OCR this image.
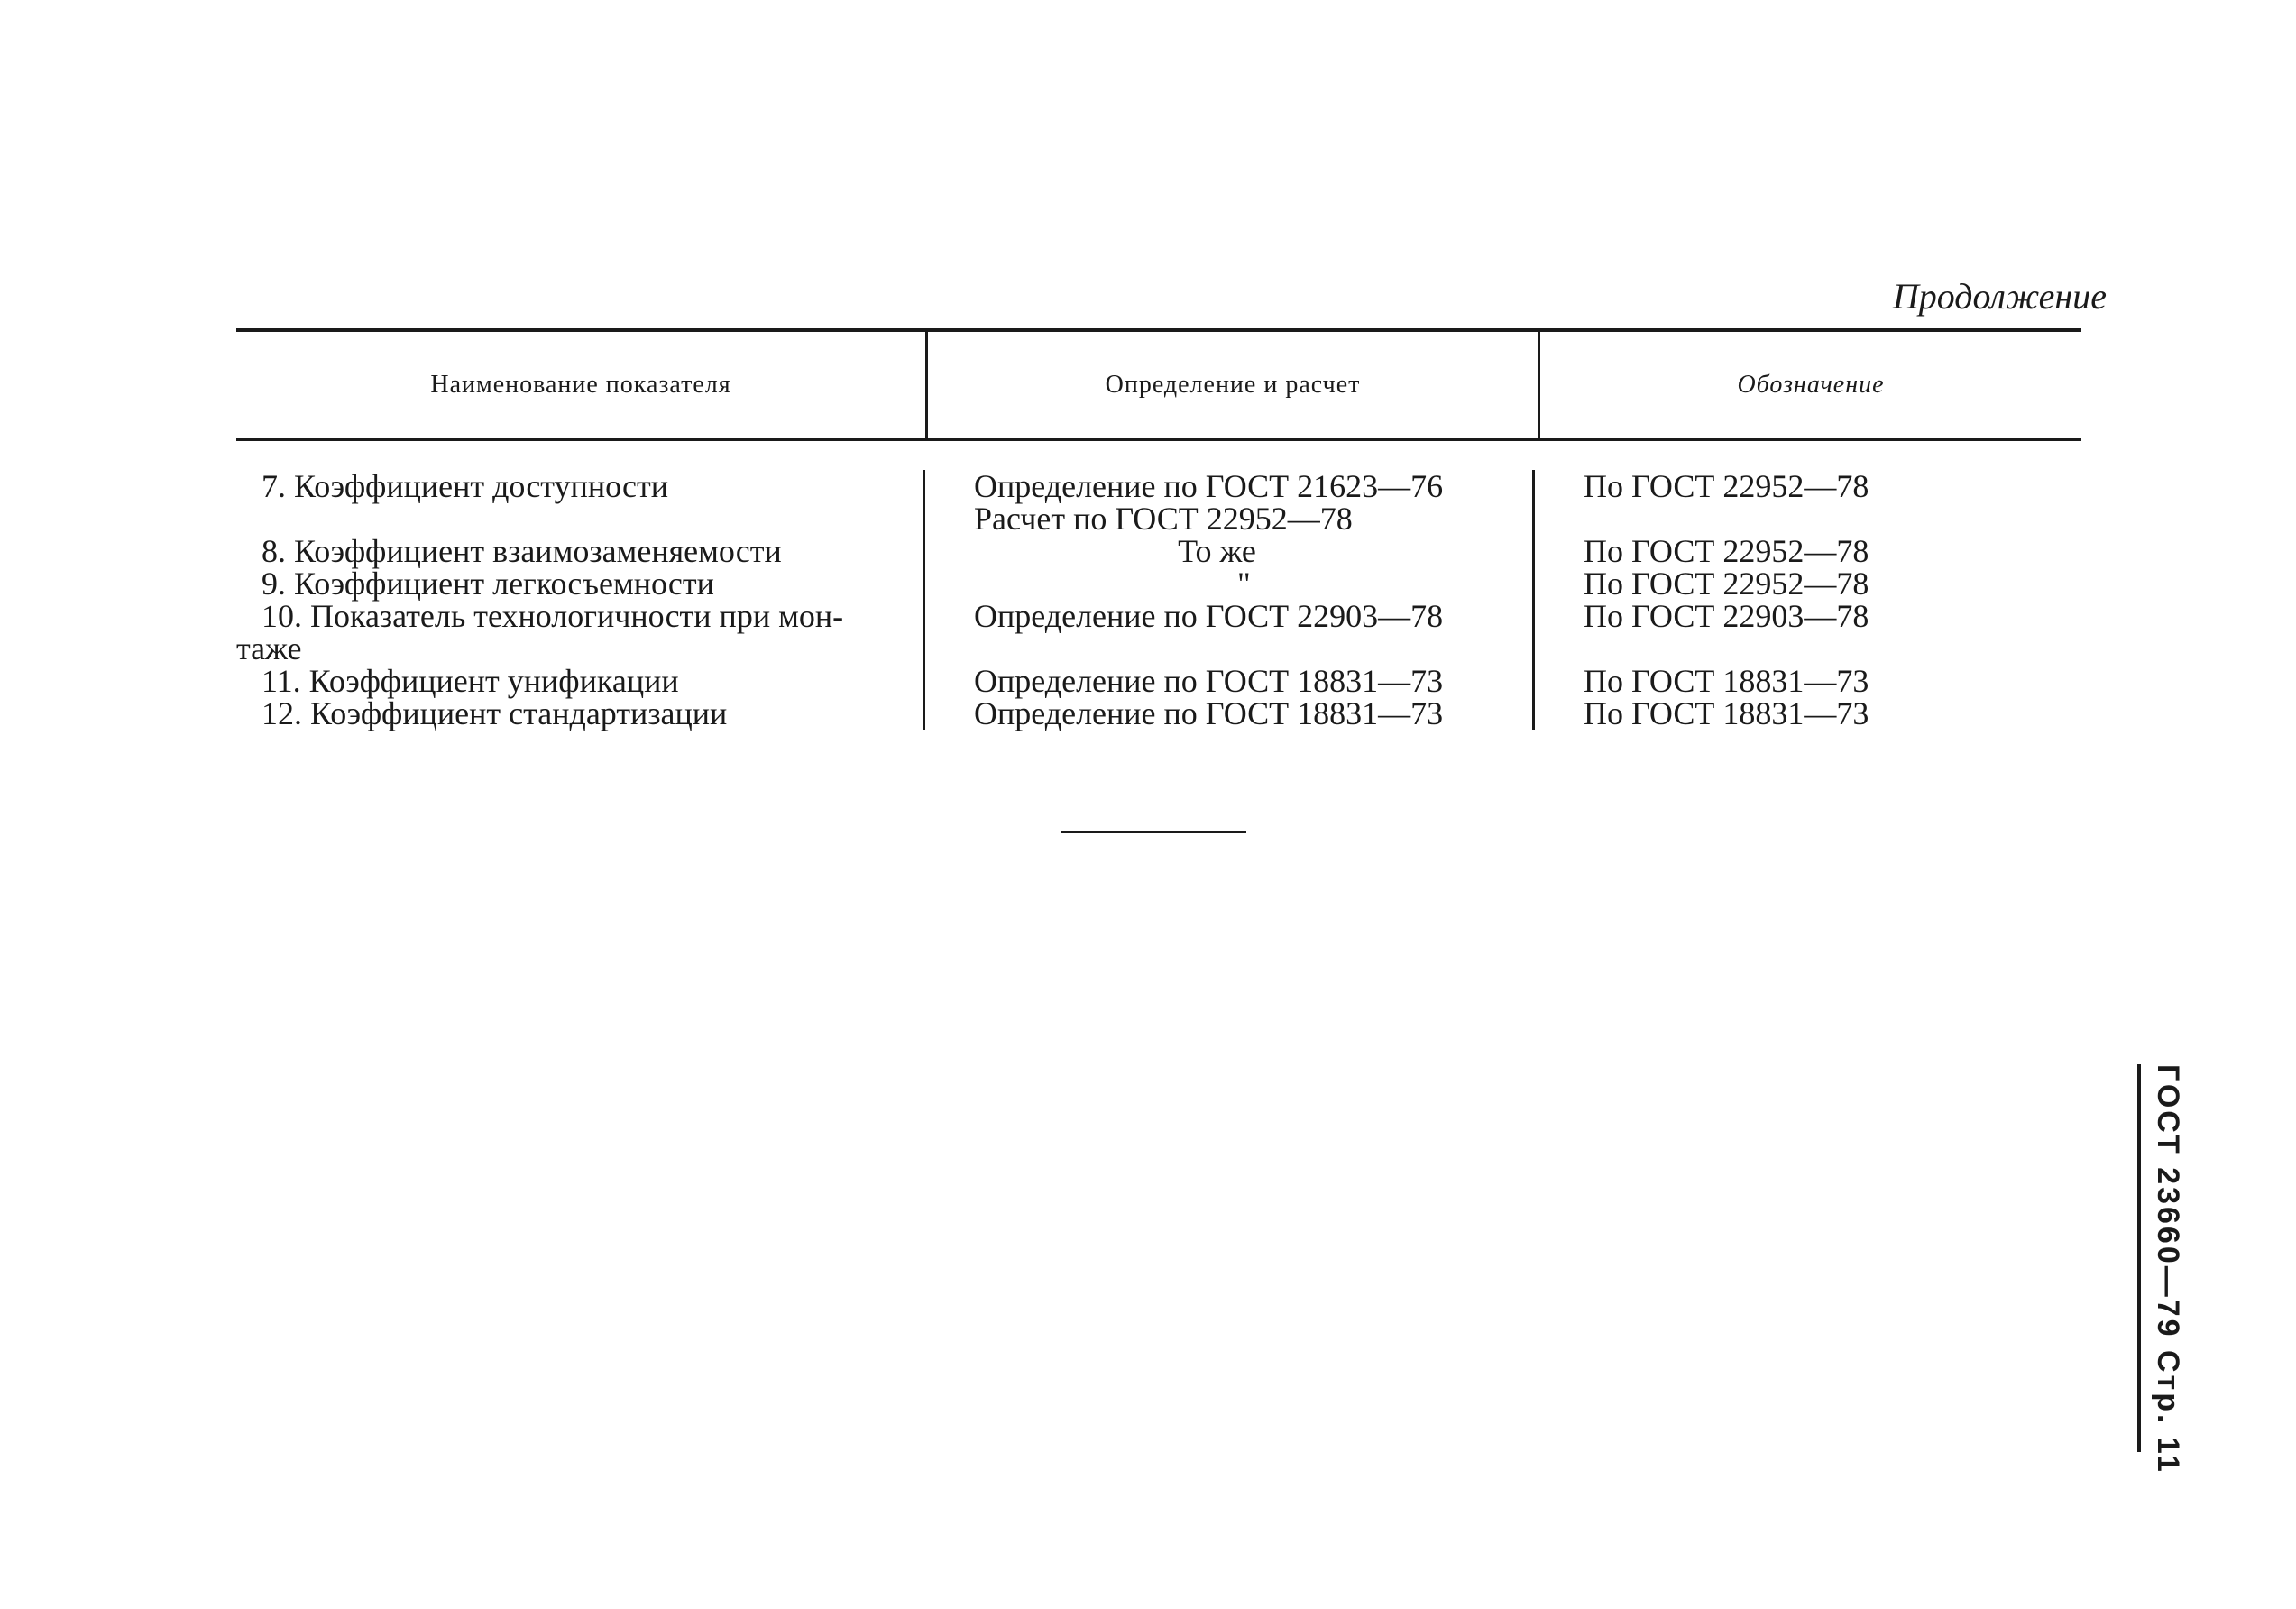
Продолжение
Наименование показателя	Определение и расчет	Обозначение
7. Коэффициент доступности
8. Коэффициент взаимозаменяемости
9. Коэффициент легкосъемности
10. Показатель технологичности при мон-
таже
11. Коэффициент унификации
12. Коэффициент стандартизации
Определение по ГОСТ 21623—76
Расчет по ГОСТ 22952—78
То же
"
Определение по ГОСТ 22903—78
Определение по ГОСТ 18831—73
Определение по ГОСТ 18831—73
По ГОСТ 22952—78
По ГОСТ 22952—78
По ГОСТ 22952—78
По ГОСТ 22903—78
По ГОСТ 18831—73
По ГОСТ 18831—73
ГОСТ 23660—79 Стр. 11
